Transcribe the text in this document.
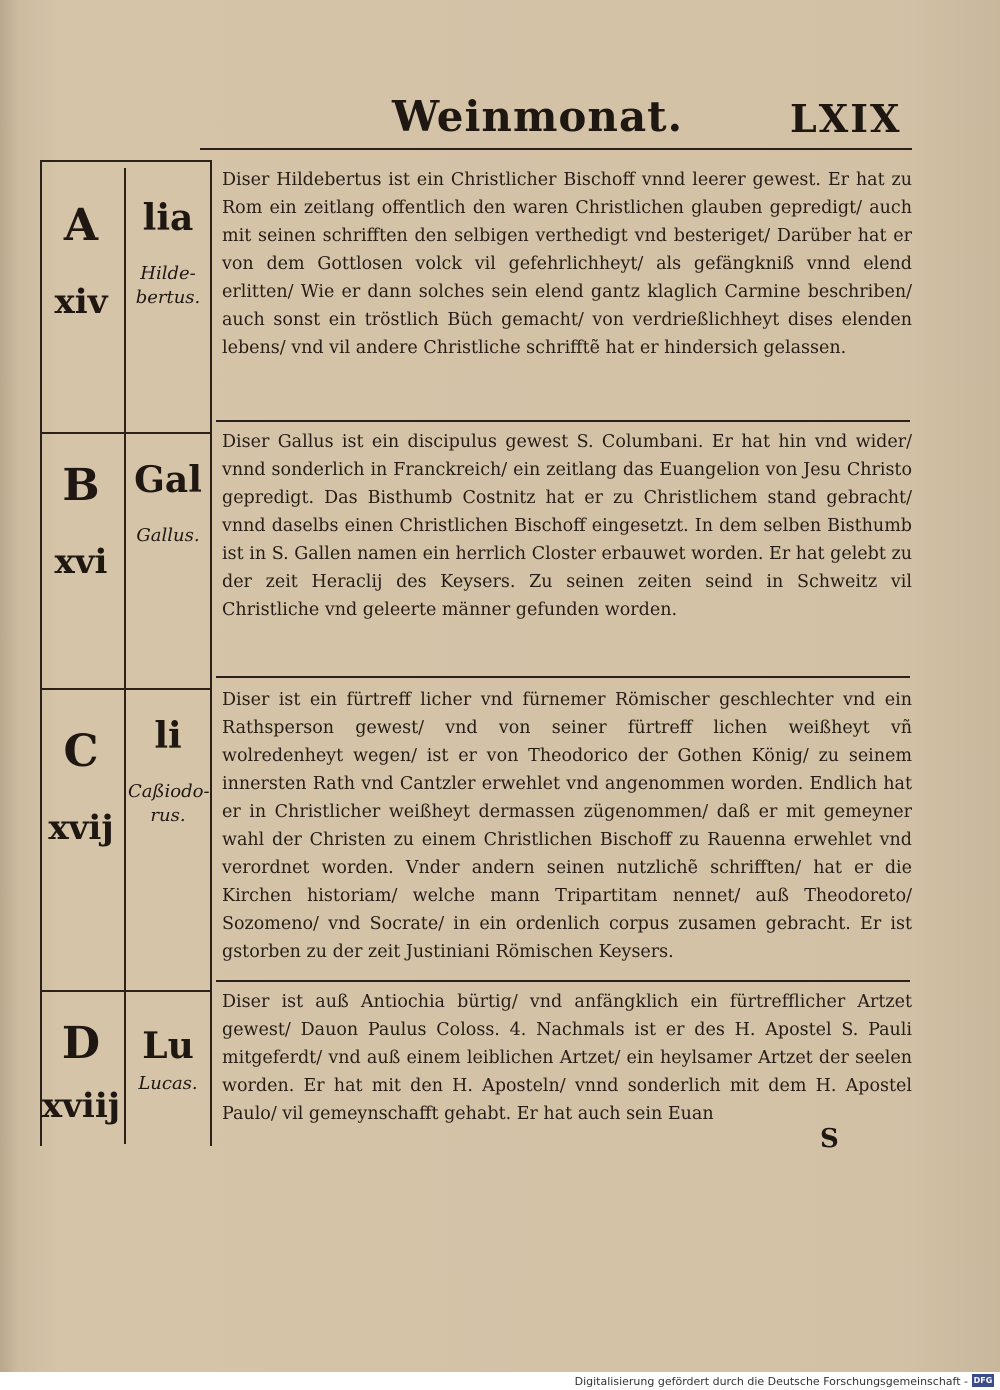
Weinmonat.	LXIX
A
xiv
lia
Hilde-bertus.
Diser Hildebertus ist ein Christlicher Bischoff vnnd leerer gewest. Er hat zu Rom ein zeitlang offentlich den waren Christlichen glauben gepredigt/ auch mit seinen schrifften den selbigen verthedigt vnd besteriget/ Darüber hat er von dem Gottlosen volck vil gefehrlichheyt/ als gefängkniß vnnd elend erlitten/ Wie er dann solches sein elend gantz klaglich Carmine beschriben/ auch sonst ein tröstlich Büch gemacht/ von verdrießlichheyt dises elenden lebens/ vnd vil andere Christliche schrifftẽ hat er hindersich gelassen.
B
xvi
Gal
Gallus.
Diser Gallus ist ein discipulus gewest S. Columbani. Er hat hin vnd wider/ vnnd sonderlich in Franckreich/ ein zeitlang das Euangelion von Jesu Christo gepredigt. Das Bisthumb Costnitz hat er zu Christlichem stand gebracht/ vnnd daselbs einen Christlichen Bischoff eingesetzt. In dem selben Bisthumb ist in S. Gallen namen ein herrlich Closter erbauwet worden. Er hat gelebt zu der zeit Heraclij des Keysers. Zu seinen zeiten seind in Schweitz vil Christliche vnd geleerte männer gefunden worden.
C
xvij
li
Caßiodo-rus.
Diser ist ein fürtreff licher vnd fürnemer Römischer geschlechter vnd ein Rathsperson gewest/ vnd von seiner fürtreff lichen weißheyt vñ wolredenheyt wegen/ ist er von Theodorico der Gothen König/ zu seinem innersten Rath vnd Cantzler erwehlet vnd angenommen worden. Endlich hat er in Christlicher weißheyt dermassen zügenommen/ daß er mit gemeyner wahl der Christen zu einem Christlichen Bischoff zu Rauenna erwehlet vnd verordnet worden. Vnder andern seinen nutzlichẽ schrifften/ hat er die Kirchen historiam/ welche mann Tripartitam nennet/ auß Theodoreto/ Sozomeno/ vnd Socrate/ in ein ordenlich corpus zusamen gebracht. Er ist gstorben zu der zeit Justiniani Römischen Keysers.
D
xviij
Lu
Lucas.
Diser ist auß Antiochia bürtig/ vnd anfängklich ein fürtrefflicher Artzet gewest/ Dauon Paulus Coloss. 4. Nachmals ist er des H. Apostel S. Pauli mitgeferdt/ vnd auß einem leiblichen Artzet/ ein heylsamer Artzet der seelen worden. Er hat mit den H. Aposteln/ vnnd sonderlich mit dem H. Apostel Paulo/ vil gemeynschafft gehabt. Er hat auch sein Euan
S
Digitalisierung gefördert durch die Deutsche Forschungsgemeinschaft - DFG
